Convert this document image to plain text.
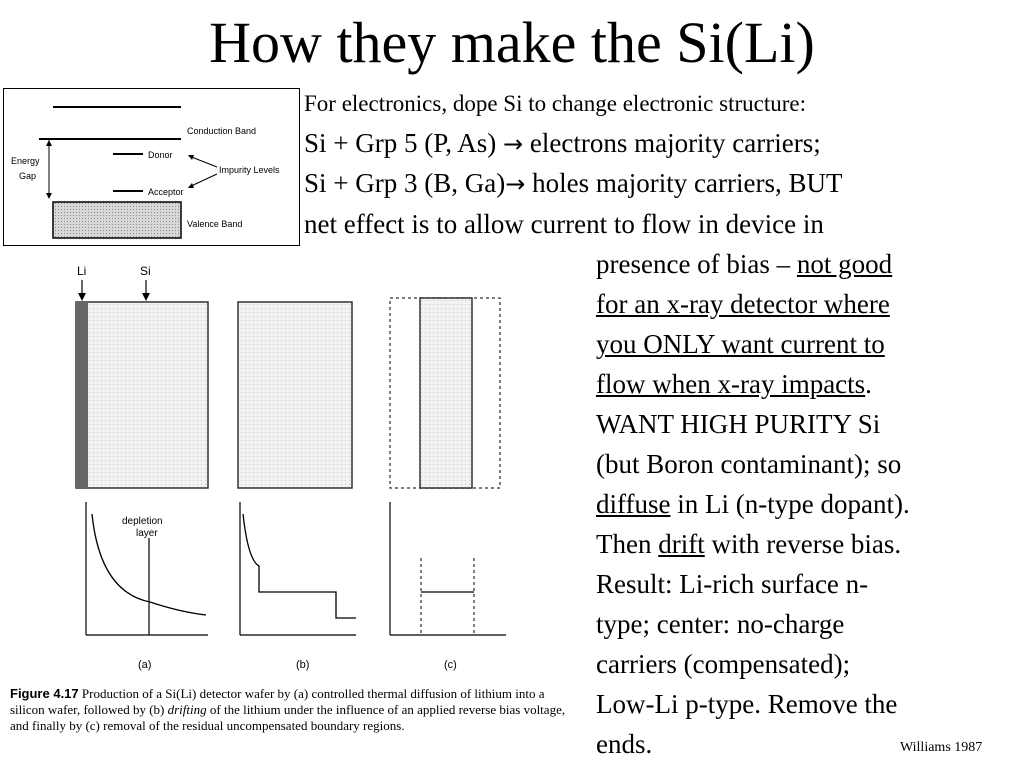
How they make the Si(Li)
Conduction Band
Energy
Gap
Donor
Impurity Levels
Acceptor
Valence Band
For electronics, dope Si to change electronic structure:
Si + Grp 5 (P, As) → electrons majority carriers;
Si + Grp 3 (B, Ga)→ holes majority carriers, BUT
net effect is to allow current to flow in device in
presence of bias – not good
for an x-ray detector where
you ONLY want current to
flow when x-ray impacts.
WANT HIGH PURITY Si
(but Boron contaminant); so
diffuse in Li (n-type dopant).
Then drift with reverse bias.
Result: Li-rich surface n-
type; center: no-charge
carriers (compensated);
Low-Li p-type. Remove the
ends.
Li	Si
depletion
layer
(a)	(b)	(c)
Figure 4.17 Production of a Si(Li) detector wafer by (a) controlled thermal diffusion of lithium into a silicon wafer, followed by (b) drifting of the lithium under the influence of an applied reverse bias voltage, and finally by (c) removal of the residual uncompensated boundary regions.
Williams 1987
